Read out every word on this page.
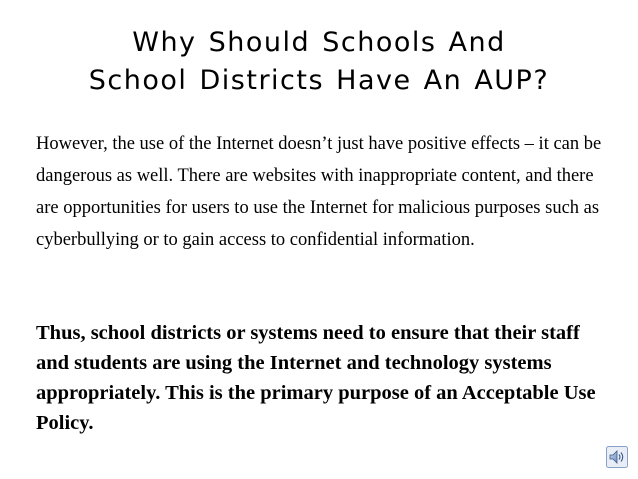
Why Should Schools And
School Districts Have An AUP?

However, the use of the Internet doesn’t just have positive effects – it can be dangerous as well. There are websites with inappropriate content, and there are opportunities for users to use the Internet for malicious purposes such as cyberbullying or to gain access to confidential information.

Thus, school districts or systems need to ensure that their staff and students are using the Internet and technology systems appropriately. This is the primary purpose of an Acceptable Use Policy.
